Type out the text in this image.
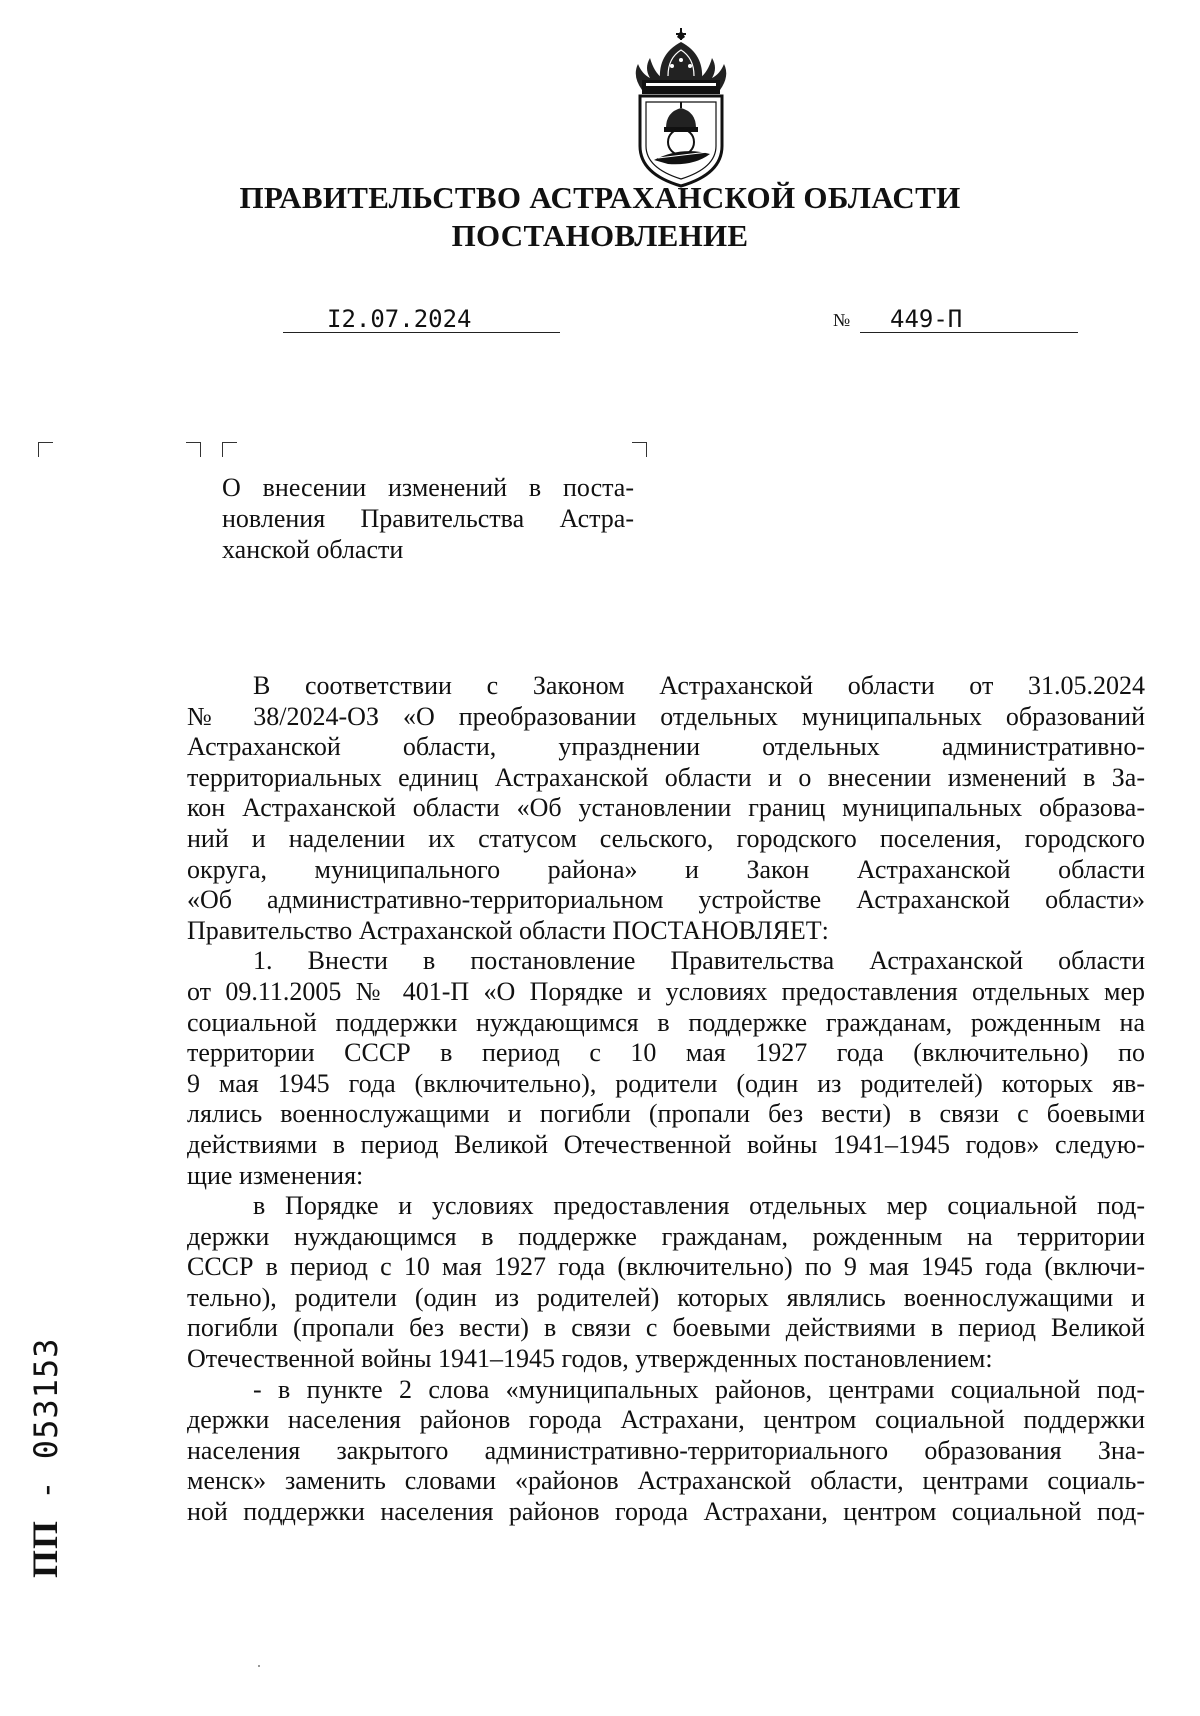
ПРАВИТЕЛЬСТВО АСТРАХАНСКОЙ ОБЛАСТИ
ПОСТАНОВЛЕНИЕ
I2.07.2024	№ 449-П
О внесении изменений в поста-
новления Правительства Астра-
ханской области
В соответствии с Законом Астраханской области от 31.05.2024
№ 38/2024-ОЗ «О преобразовании отдельных муниципальных образований
Астраханской области, упразднении отдельных административно-
территориальных единиц Астраханской области и о внесении изменений в За-
кон Астраханской области «Об установлении границ муниципальных образова-
ний и наделении их статусом сельского, городского поселения, городского
округа, муниципального района» и Закон Астраханской области
«Об административно-территориальном устройстве Астраханской области»
Правительство Астраханской области ПОСТАНОВЛЯЕТ:
1. Внести в постановление Правительства Астраханской области
от 09.11.2005 № 401-П «О Порядке и условиях предоставления отдельных мер
социальной поддержки нуждающимся в поддержке гражданам, рожденным на
территории СССР в период с 10 мая 1927 года (включительно) по
9 мая 1945 года (включительно), родители (один из родителей) которых яв-
лялись военнослужащими и погибли (пропали без вести) в связи с боевыми
действиями в период Великой Отечественной войны 1941–1945 годов» следую-
щие изменения:
в Порядке и условиях предоставления отдельных мер социальной под-
держки нуждающимся в поддержке гражданам, рожденным на территории
СССР в период с 10 мая 1927 года (включительно) по 9 мая 1945 года (включи-
тельно), родители (один из родителей) которых являлись военнослужащими и
погибли (пропали без вести) в связи с боевыми действиями в период Великой
Отечественной войны 1941–1945 годов, утвержденных постановлением:
- в пункте 2 слова «муниципальных районов, центрами социальной под-
держки населения районов города Астрахани, центром социальной поддержки
населения закрытого административно-территориального образования Зна-
менск» заменить словами «районов Астраханской области, центрами социаль-
ной поддержки населения районов города Астрахани, центром социальной под-
ПП - 053153
